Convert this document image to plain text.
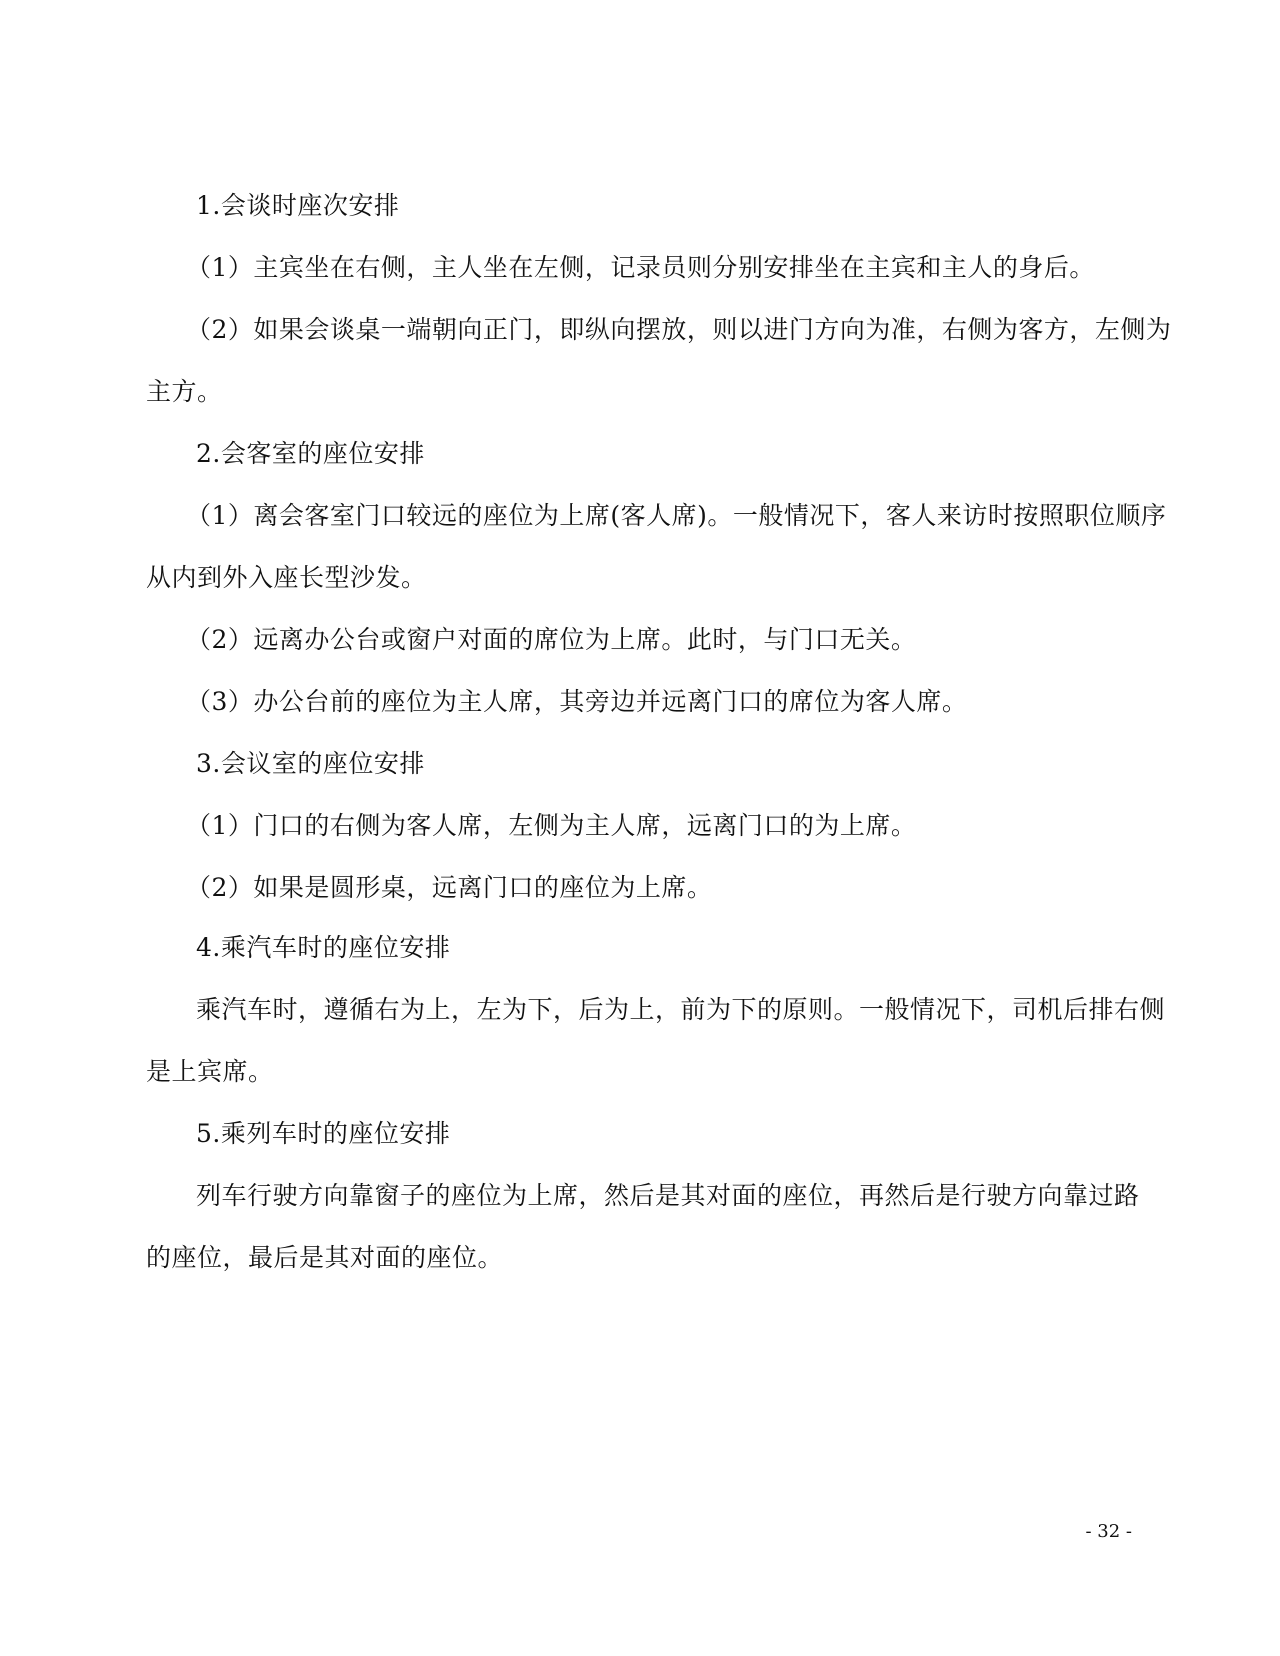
1.会谈时座次安排
（1）主宾坐在右侧，主人坐在左侧，记录员则分别安排坐在主宾和主人的身后。
（2）如果会谈桌一端朝向正门，即纵向摆放，则以进门方向为准，右侧为客方，左侧为
主方。
2.会客室的座位安排
（1）离会客室门口较远的座位为上席(客人席)。一般情况下，客人来访时按照职位顺序
从内到外入座长型沙发。
（2）远离办公台或窗户对面的席位为上席。此时，与门口无关。
（3）办公台前的座位为主人席，其旁边并远离门口的席位为客人席。
3.会议室的座位安排
（1）门口的右侧为客人席，左侧为主人席，远离门口的为上席。
（2）如果是圆形桌，远离门口的座位为上席。
4.乘汽车时的座位安排
乘汽车时，遵循右为上，左为下，后为上，前为下的原则。一般情况下，司机后排右侧
是上宾席。
5.乘列车时的座位安排
列车行驶方向靠窗子的座位为上席，然后是其对面的座位，再然后是行驶方向靠过路
的座位，最后是其对面的座位。
- 32 -
